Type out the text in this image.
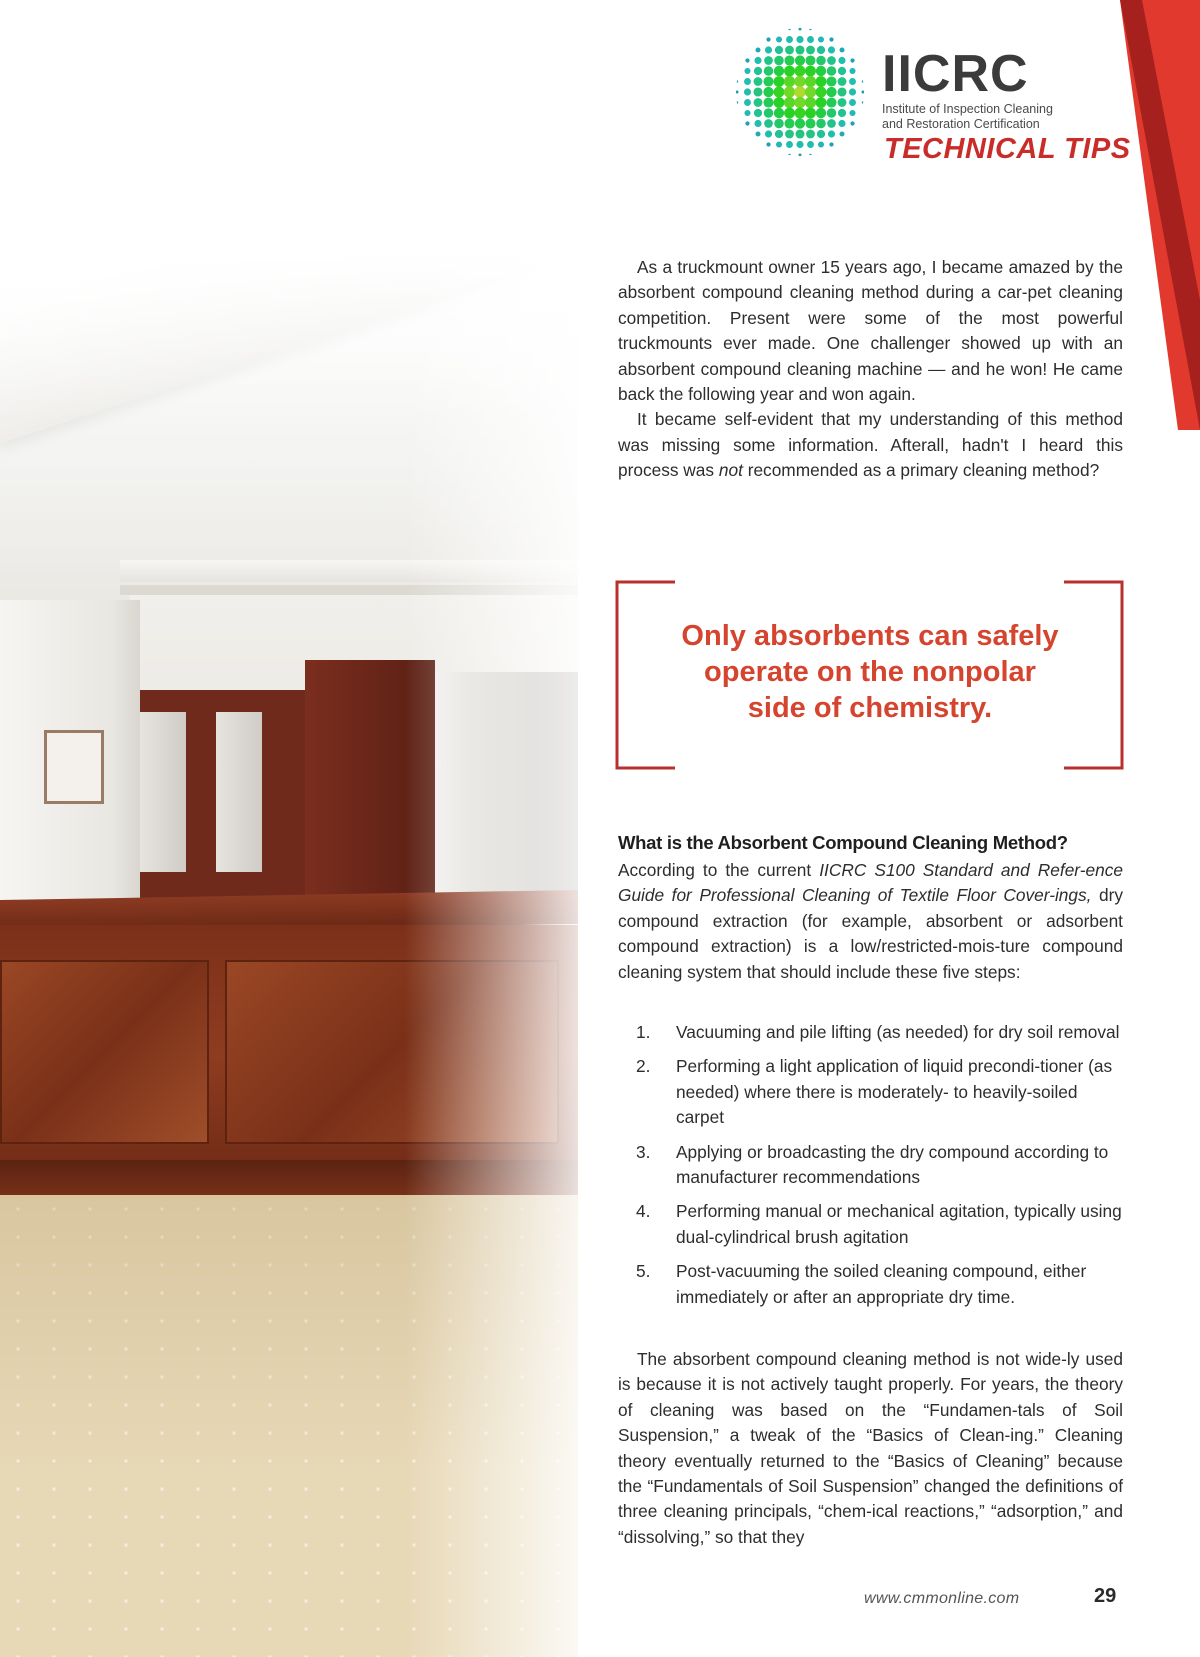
IICRC
Institute of Inspection Cleaning
and Restoration Certification
TECHNICAL TIPS

As a truckmount owner 15 years ago, I became amazed by the absorbent compound cleaning method during a car-pet cleaning competition. Present were some of the most powerful truckmounts ever made. One challenger showed up with an absorbent compound cleaning machine — and he won! He came back the following year and won again.

It became self-evident that my understanding of this method was missing some information. Afterall, hadn't I heard this process was not recommended as a primary cleaning method?

Only absorbents can safely
operate on the nonpolar
side of chemistry.
What is the Absorbent Compound Cleaning Method?

According to the current IICRC S100 Standard and Refer-ence Guide for Professional Cleaning of Textile Floor Cover-ings, dry compound extraction (for example, absorbent or adsorbent compound extraction) is a low/restricted-mois-ture compound cleaning system that should include these five steps:

1. Vacuuming and pile lifting (as needed) for dry soil removal
2. Performing a light application of liquid precondi-tioner (as needed) where there is moderately- to heavily-soiled carpet
3. Applying or broadcasting the dry compound according to manufacturer recommendations
4. Performing manual or mechanical agitation, typically using dual-cylindrical brush agitation
5. Post-vacuuming the soiled cleaning compound, either immediately or after an appropriate dry time.

The absorbent compound cleaning method is not wide-ly used is because it is not actively taught properly. For years, the theory of cleaning was based on the “Fundamen-tals of Soil Suspension,” a tweak of the “Basics of Clean-ing.” Cleaning theory eventually returned to the “Basics of Cleaning” because the “Fundamentals of Soil Suspension” changed the definitions of three cleaning principals, “chem-ical reactions,” “adsorption,” and “dissolving,” so that they

www.cmmonline.com	29
